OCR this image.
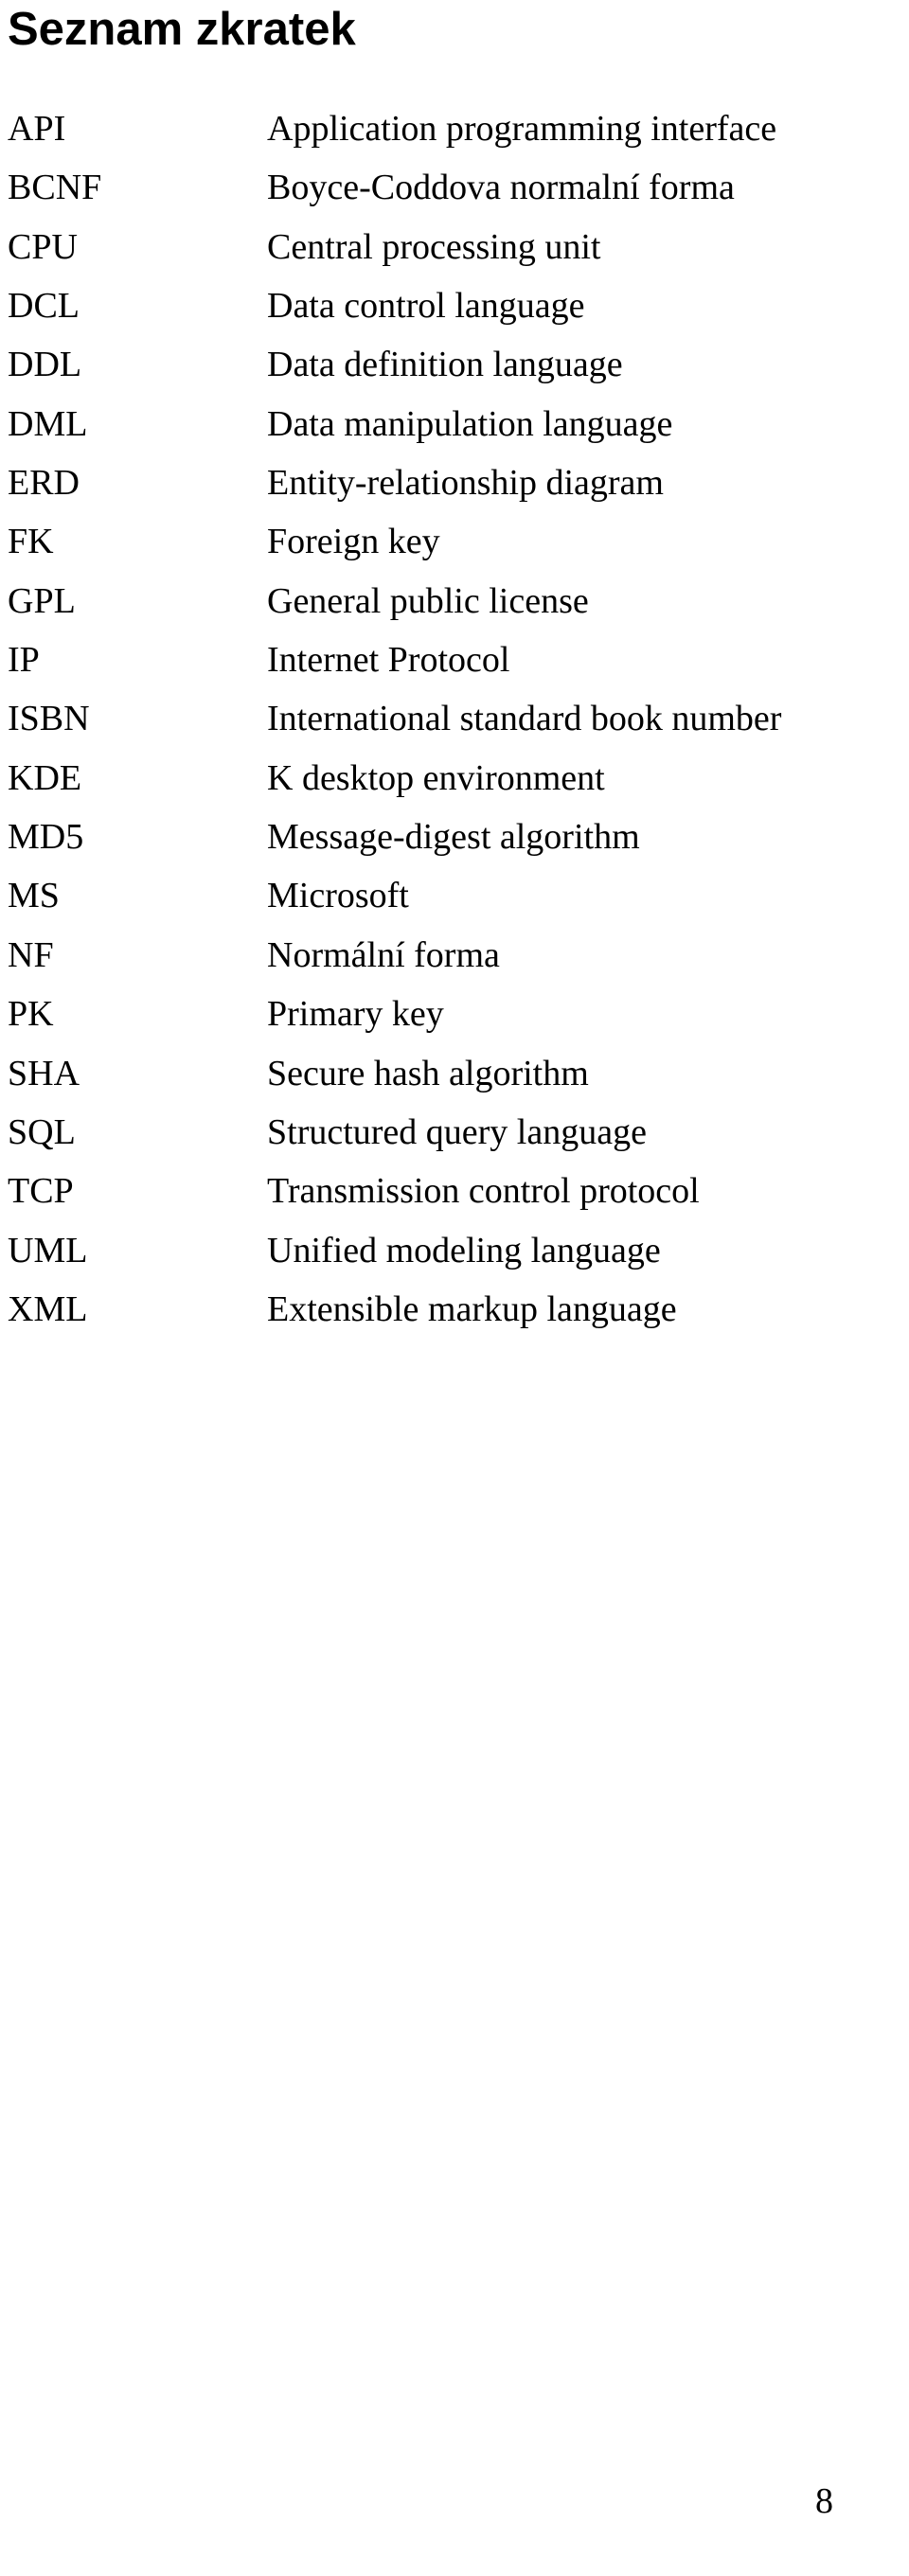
Seznam zkratek
API	Application programming interface
BCNF	Boyce-Coddova normalní forma
CPU	Central processing unit
DCL	Data control language
DDL	Data definition language
DML	Data manipulation language
ERD	Entity-relationship diagram
FK	Foreign key
GPL	General public license
IP	Internet Protocol
ISBN	International standard book number
KDE	K desktop environment
MD5	Message-digest algorithm
MS	Microsoft
NF	Normální forma
PK	Primary key
SHA	Secure hash algorithm
SQL	Structured query language
TCP	Transmission control protocol
UML	Unified modeling language
XML	Extensible markup language
8
